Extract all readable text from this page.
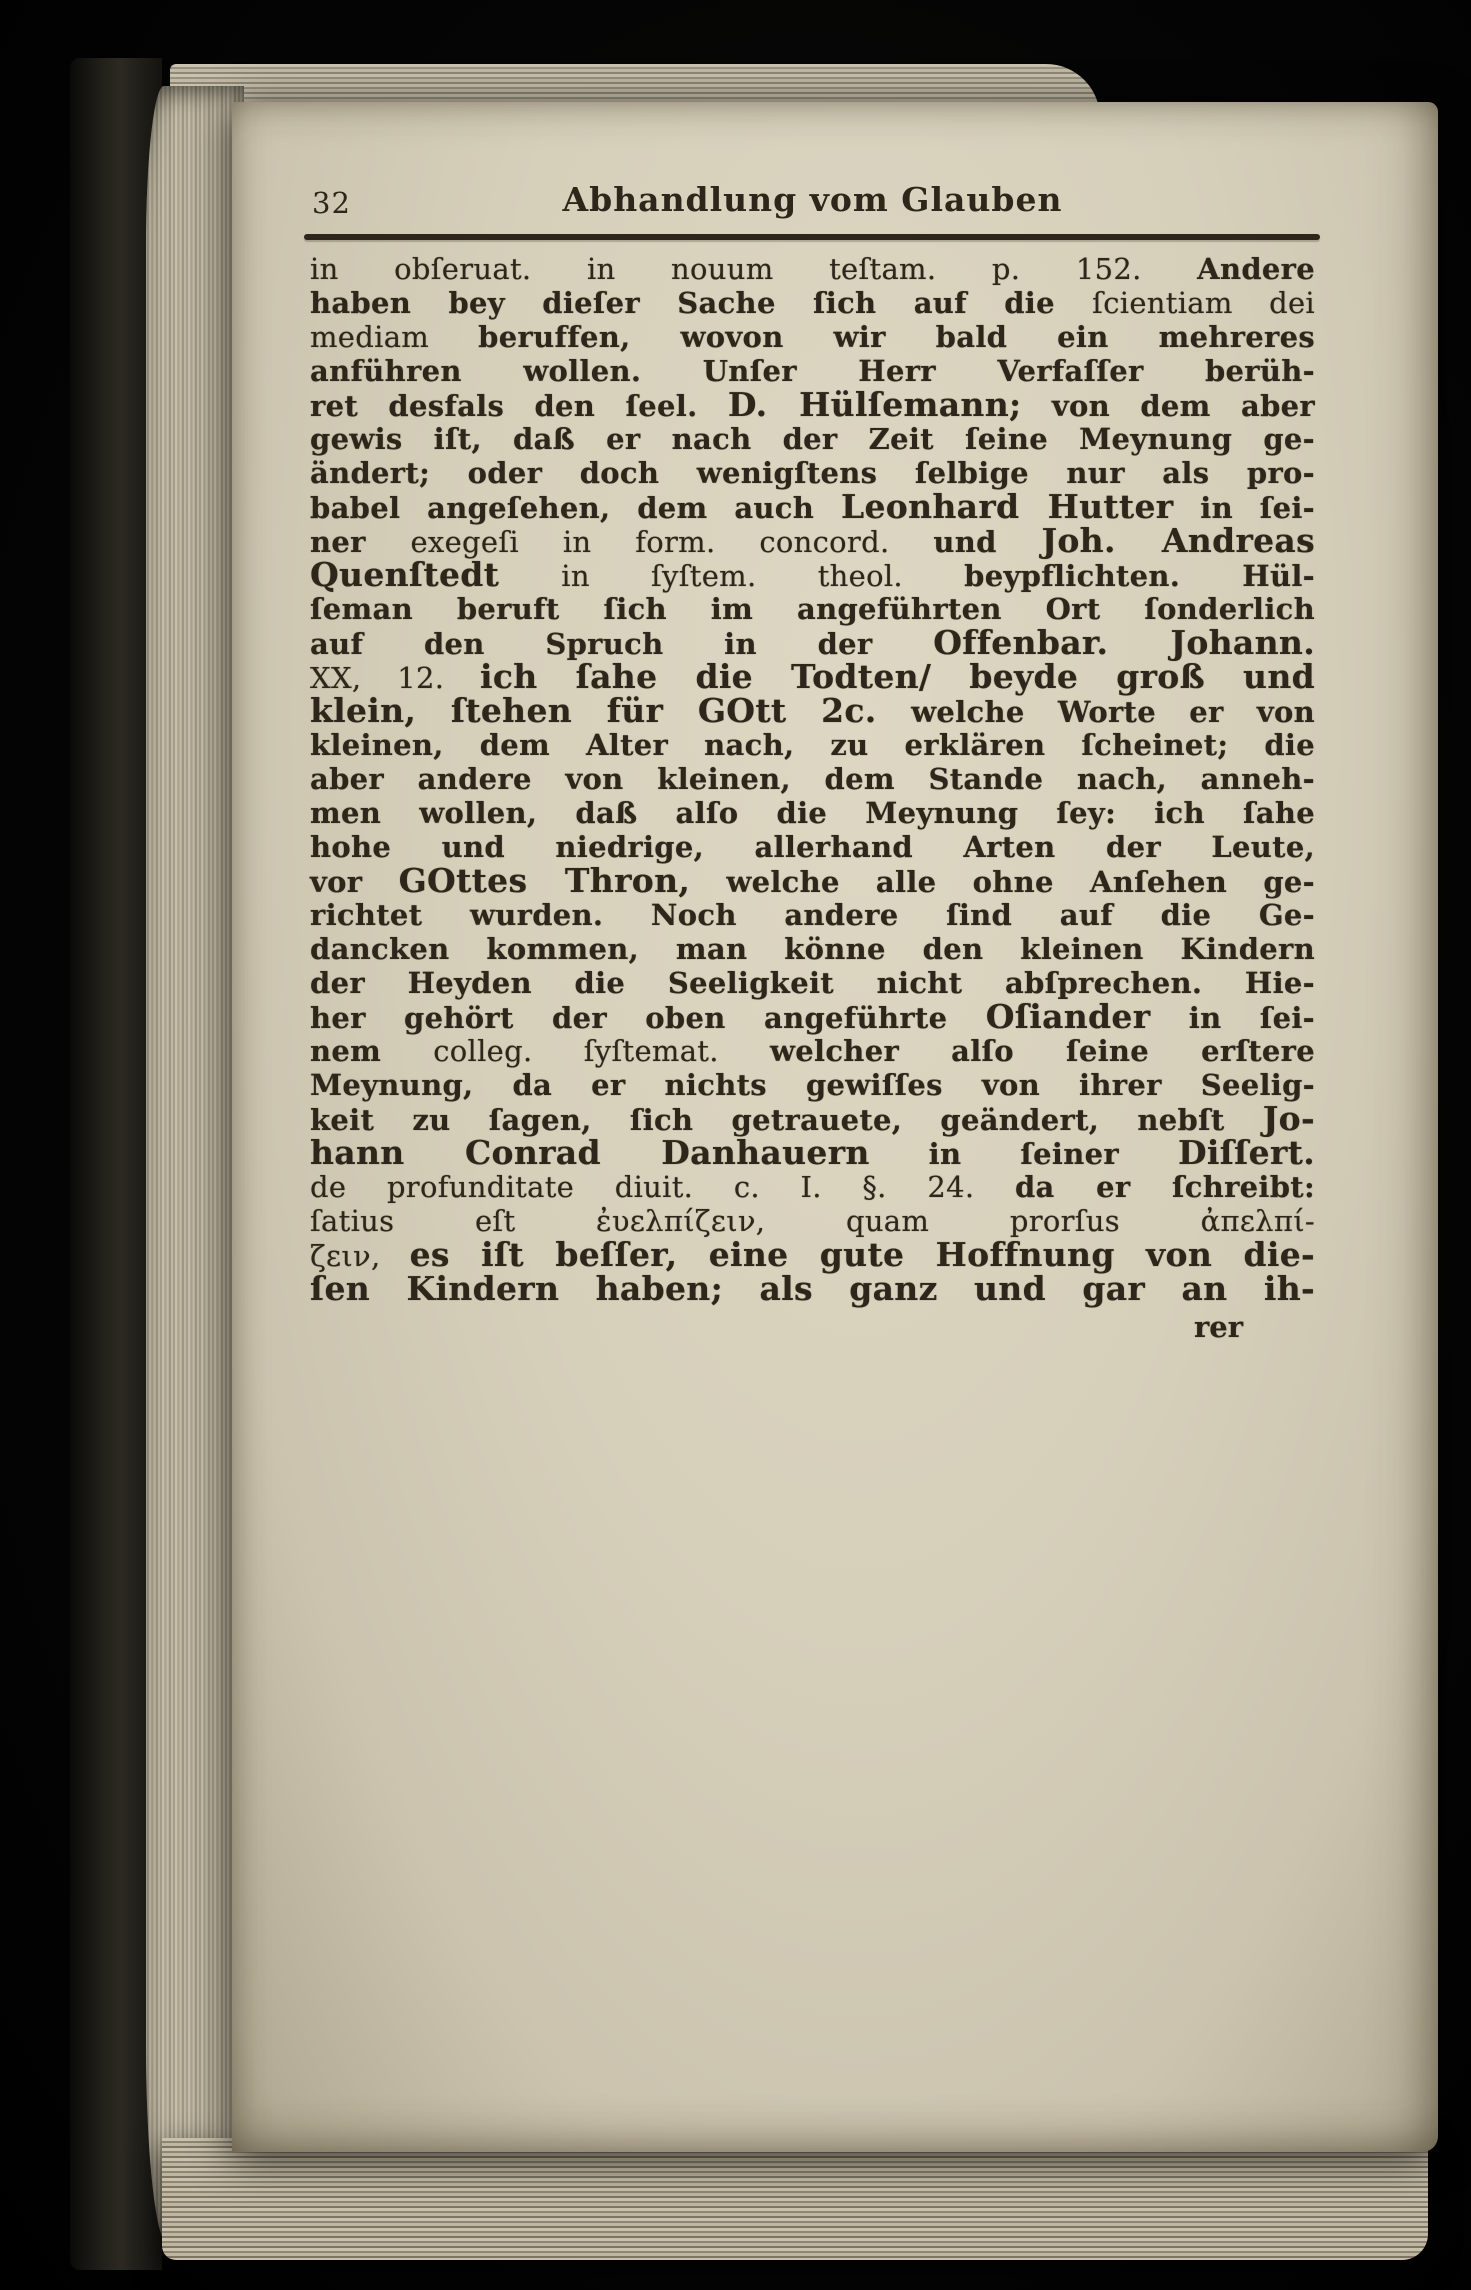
32	Abhandlung vom Glauben
in obſeruat. in nouum teſtam. p. 152. Andere
haben bey dieſer Sache ſich auf die ſcientiam dei
mediam beruffen, wovon wir bald ein mehreres
anführen wollen. Unſer Herr Verfaſſer berüh-
ret desfals den ſeel. D. Hülſemann; von dem aber
gewis iſt, daß er nach der Zeit ſeine Meynung ge-
ändert; oder doch wenigſtens ſelbige nur als pro-
babel angeſehen, dem auch Leonhard Hutter in ſei-
ner exegeſi in form. concord. und Joh. Andreas
Quenſtedt in ſyſtem. theol. beypflichten. Hül-
ſeman beruft ſich im angeführten Ort ſonderlich
auf den Spruch in der Offenbar. Johann.
XX, 12. ich ſahe die Todten/ beyde groß und
klein, ſtehen für GOtt 2c. welche Worte er von
kleinen, dem Alter nach, zu erklären ſcheinet; die
aber andere von kleinen, dem Stande nach, anneh-
men wollen, daß alſo die Meynung ſey: ich ſahe
hohe und niedrige, allerhand Arten der Leute,
vor GOttes Thron, welche alle ohne Anſehen ge-
richtet wurden. Noch andere ſind auf die Ge-
dancken kommen, man könne den kleinen Kindern
der Heyden die Seeligkeit nicht abſprechen. Hie-
her gehört der oben angeführte Oſiander in ſei-
nem colleg. ſyſtemat. welcher alſo ſeine erſtere
Meynung, da er nichts gewiſſes von ihrer Seelig-
keit zu ſagen, ſich getrauete, geändert, nebſt Jo-
hann Conrad Danhauern in ſeiner Diſſert.
de profunditate diuit. c. I. §. 24. da er ſchreibt:
ſatius eſt ἐυελπίζειν, quam prorſus ἀπελπί-
ζειν, es iſt beſſer, eine gute Hoffnung von die-
ſen Kindern haben; als ganz und gar an ih-
rer
